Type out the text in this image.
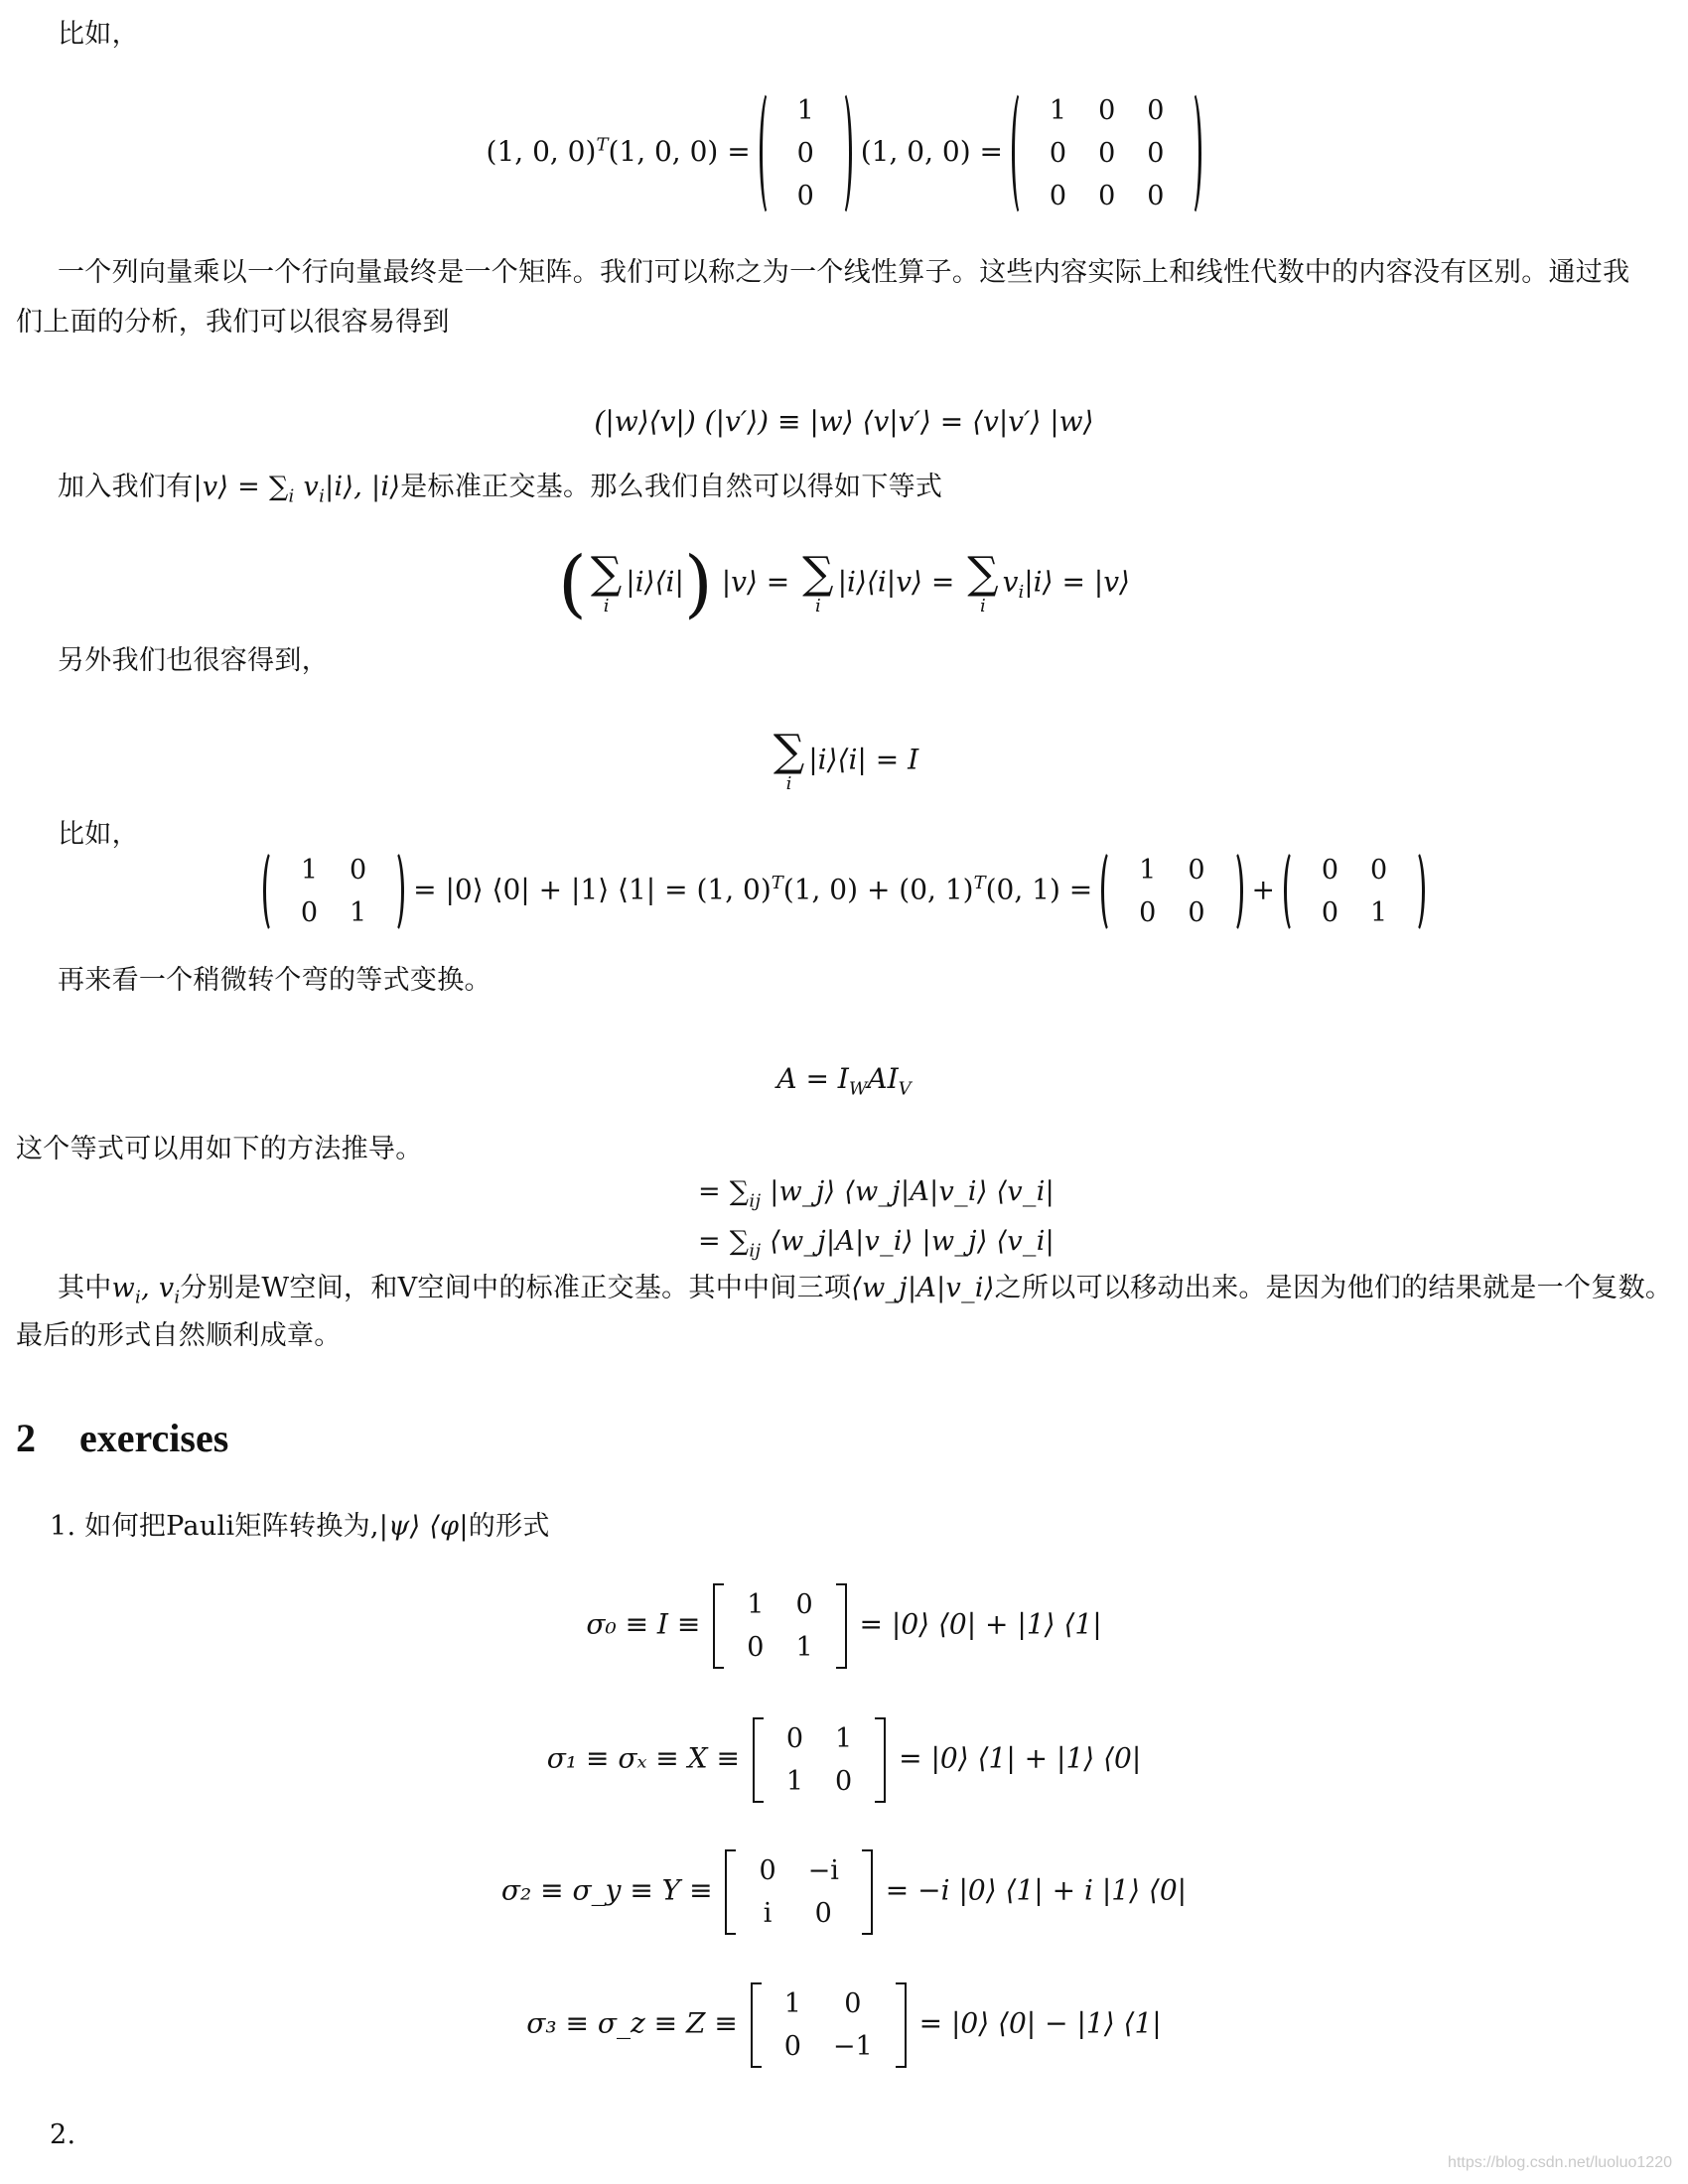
比如，
(1, 0, 0)$^T$(1, 0, 0) =
1
0
0
(1, 0, 0) =
1	0	0
0	0	0
0	0	0
一个列向量乘以一个行向量最终是一个矩阵。我们可以称之为一个线性算子。这些内容实际上和线性代数中的内容没有区别。通过我
们上面的分析，我们可以很容易得到
(|w⟩⟨v|) (|v′⟩) ≡ |w⟩ ⟨v|v′⟩ = ⟨v|v′⟩ |w⟩
加入我们有|v⟩ = $\sum_i$ $v_i|i⟩$, |i⟩是标准正交基。那么我们自然可以得如下等式
( ∑
i
|i⟩⟨i|) |v⟩ = ∑
i
|i⟩⟨i|v⟩ = ∑
i
$v_i|i⟩$ = |v⟩
另外我们也很容得到，
∑
i
|i⟩⟨i| = I
比如，
1	0
0	1
= |0⟩ ⟨0| + |1⟩ ⟨1| = (1, 0)$^T$(1, 0) + (0, 1)$^T$(0, 1) =
1	0
0	0
+
0	0
0	1
再来看一个稍微转个弯的等式变换。
$A = I_WAI_V$
这个等式可以用如下的方法推导。
= $\sum_{ij}$ |w_j⟩ ⟨w_j|A|v_i⟩ ⟨v_i|
= $\sum_{ij}$ ⟨w_j|A|v_i⟩ |w_j⟩ ⟨v_i|
其中$w_i$, $v_i$分别是W空间，和V空间中的标准正交基。其中中间三项⟨w_j|A|v_i⟩之所以可以移动出来。是因为他们的结果就是一个复数。
最后的形式自然顺利成章。
2 exercises
1. 如何把Pauli矩阵转换为,|ψ⟩ ⟨φ|的形式
σ₀ ≡ I ≡
1	0
0	1
= |0⟩ ⟨0| + |1⟩ ⟨1|
σ₁ ≡ σₓ ≡ X ≡
0	1
1	0
= |0⟩ ⟨1| + |1⟩ ⟨0|
σ₂ ≡ σ_y ≡ Y ≡
0	−i
i	0
= −i |0⟩ ⟨1| + i |1⟩ ⟨0|
σ₃ ≡ σ_z ≡ Z ≡
1	0
0	−1
= |0⟩ ⟨0| − |1⟩ ⟨1|
2.
https://blog.csdn.net/luoluo1220
